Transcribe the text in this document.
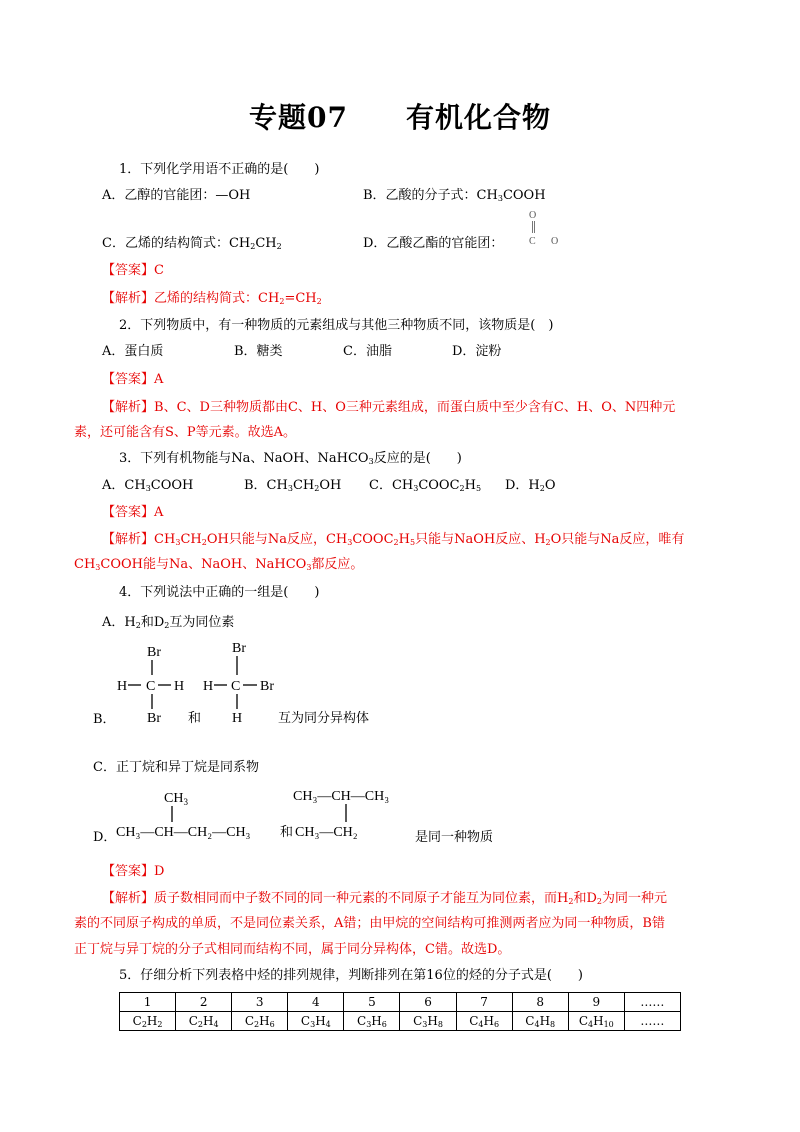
专题07　　有机化合物
1．下列化学用语不正确的是(　　)
A．乙醇的官能团：—OH	B．乙酸的分子式：$CH_3COOH$
C．乙烯的结构简式：$CH_2CH_2$	D．乙酸乙酯的官能团：
O
C O
【答案】C
【解析】乙烯的结构简式：$CH_2=CH_2$
2．下列物质中，有一种物质的元素组成与其他三种物质不同，该物质是(　)
A．蛋白质	B．糖类	C．油脂	D．淀粉
【答案】A
【解析】B、C、D三种物质都由C、H、O三种元素组成，而蛋白质中至少含有C、H、O、N四种元
素，还可能含有S、P等元素。故选A。
3．下列有机物能与Na、NaOH、NaHCO$_3$反应的是(　　)
A．$CH_3COOH$	B．$CH_3CH_2OH$ C．$CH_3COOC_2H_5$ D．$H_2O$
【答案】A
【解析】$CH_3CH_2OH$只能与Na反应，$CH_3COOC_2H_5$只能与NaOH反应、$H_2O$只能与Na反应，唯有
$CH_3COOH$能与Na、NaOH、NaHCO$_3$都反应。
4．下列说法中正确的一组是(　　)
A．$H_2$和$D_2$互为同位素
Br
H C H
Br
Br
H C Br
H
B．	和	互为同分异构体
C．正丁烷和异丁烷是同系物
$CH_3$
CH₃—CH—CH₂—CH₃ 和
CH₃—CH—CH₃
CH₃—CH₂
D．	是同一种物质
【答案】D
【解析】质子数相同而中子数不同的同一种元素的不同原子才能互为同位素，而$H_2$和$D_2$为同一种元
素的不同原子构成的单质，不是同位素关系，A错；由甲烷的空间结构可推测两者应为同一种物质，B错
正丁烷与异丁烷的分子式相同而结构不同，属于同分异构体，C错。故选D。
5．仔细分析下列表格中烃的排列规律，判断排列在第16位的烃的分子式是(　　)
1	2	3	4	5	6	7	8	9	……
$C_2H_2$	$C_2H_4$	$C_2H_6$	$C_3H_4$	$C_3H_6$	$C_3H_8$	$C_4H_6$	$C_4H_8$	$C_4H_{10}$	……
